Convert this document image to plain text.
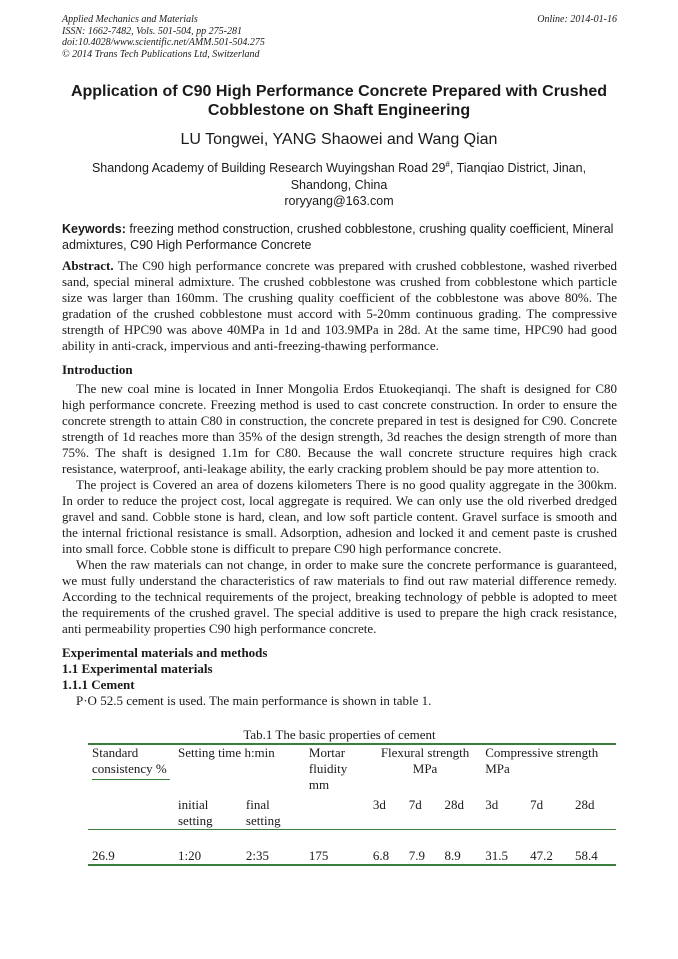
Applied Mechanics and Materials
ISSN: 1662-7482, Vols. 501-504, pp 275-281
doi:10.4028/www.scientific.net/AMM.501-504.275
© 2014 Trans Tech Publications Ltd, Switzerland
Online: 2014-01-16
Application of C90 High Performance Concrete Prepared with Crushed Cobblestone on Shaft Engineering
LU Tongwei, YANG Shaowei and Wang Qian
Shandong Academy of Building Research Wuyingshan Road 29#, Tianqiao District, Jinan, Shandong, China
roryyang@163.com
Keywords: freezing method construction, crushed cobblestone, crushing quality coefficient, Mineral admixtures, C90 High Performance Concrete

Abstract. The C90 high performance concrete was prepared with crushed cobblestone, washed riverbed sand, special mineral admixture. The crushed cobblestone was crushed from cobblestone which particle size was larger than 160mm. The crushing quality coefficient of the cobblestone was above 80%. The gradation of the crushed cobblestone must accord with 5-20mm continuous grading. The compressive strength of HPC90 was above 40MPa in 1d and 103.9MPa in 28d. At the same time, HPC90 had good ability in anti-crack, impervious and anti-freezing-thawing performance.

Introduction

The new coal mine is located in Inner Mongolia Erdos Etuokeqianqi. The shaft is designed for C80 high performance concrete. Freezing method is used to cast concrete construction. In order to ensure the concrete strength to attain C80 in construction, the concrete prepared in test is designed for C90. Concrete strength of 1d reaches more than 35% of the design strength, 3d reaches the design strength of more than 75%. The shaft is designed 1.1m for C80. Because the wall concrete structure requires high crack resistance, waterproof, anti-leakage ability, the early cracking problem should be pay more attention to.

The project is Covered an area of dozens kilometers There is no good quality aggregate in the 300km. In order to reduce the project cost, local aggregate is required. We can only use the old riverbed dredged gravel and sand. Cobble stone is hard, clean, and low soft particle content. Gravel surface is smooth and the internal frictional resistance is small. Adsorption, adhesion and locked it and cement paste is crushed into small force. Cobble stone is difficult to prepare C90 high performance concrete.

When the raw materials can not change, in order to make sure the concrete performance is guaranteed, we must fully understand the characteristics of raw materials to find out raw material difference remedy. According to the technical requirements of the project, breaking technology of pebble is adopted to meet the requirements of the crushed gravel. The special additive is used to prepare the high crack resistance, anti permeability properties C90 high performance concrete.

Experimental materials and methods
1.1 Experimental materials
1.1.1 Cement

P·O 52.5 cement is used. The main performance is shown in table 1.

Tab.1 The basic properties of cement
Standard consistency %	Setting time h:min		Mortar fluidity mm	Flexural strength MPa			Compressive strength MPa		
	initial setting	final setting		3d	7d	28d	3d	7d	28d
26.9	1:20	2:35	175	6.8	7.9	8.9	31.5	47.2	58.4
